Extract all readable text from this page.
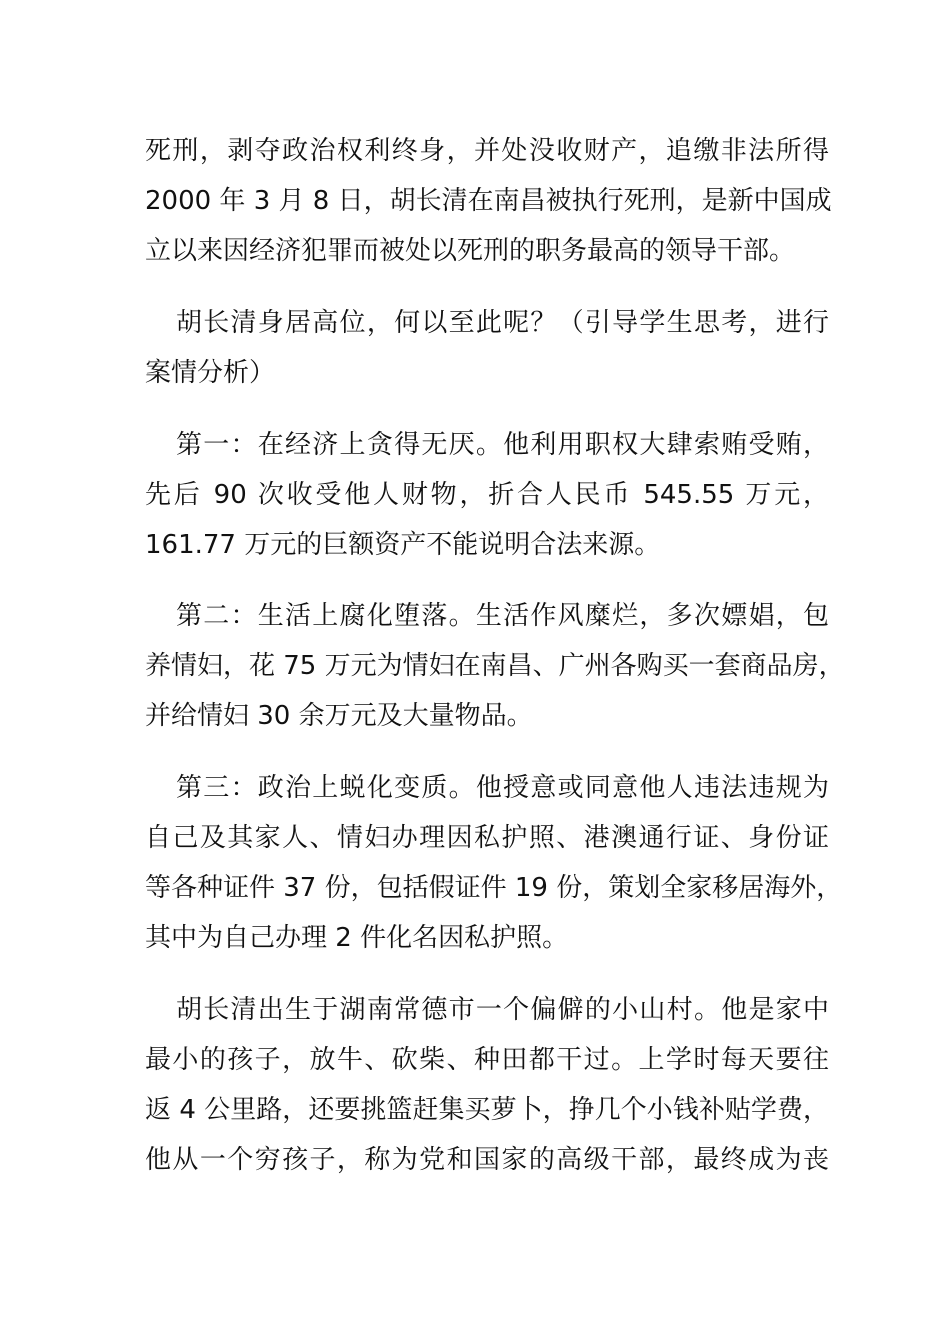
死刑，剥夺政治权利终身，并处没收财产，追缴非法所得
2000 年 3 月 8 日，胡长清在南昌被执行死刑，是新中国成
立以来因经济犯罪而被处以死刑的职务最高的领导干部。
胡长清身居高位，何以至此呢？（引导学生思考，进行
案情分析）
第一：在经济上贪得无厌。他利用职权大肆索贿受贿，
先后 90 次收受他人财物，折合人民币 545.55 万元，
161.77 万元的巨额资产不能说明合法来源。
第二：生活上腐化堕落。生活作风糜烂，多次嫖娼，包
养情妇，花 75 万元为情妇在南昌、广州各购买一套商品房，
并给情妇 30 余万元及大量物品。
第三：政治上蜕化变质。他授意或同意他人违法违规为
自己及其家人、情妇办理因私护照、港澳通行证、身份证
等各种证件 37 份，包括假证件 19 份，策划全家移居海外，
其中为自己办理 2 件化名因私护照。
胡长清出生于湖南常德市一个偏僻的小山村。他是家中
最小的孩子，放牛、砍柴、种田都干过。上学时每天要往
返 4 公里路，还要挑篮赶集买萝卜，挣几个小钱补贴学费，
他从一个穷孩子，称为党和国家的高级干部，最终成为丧
